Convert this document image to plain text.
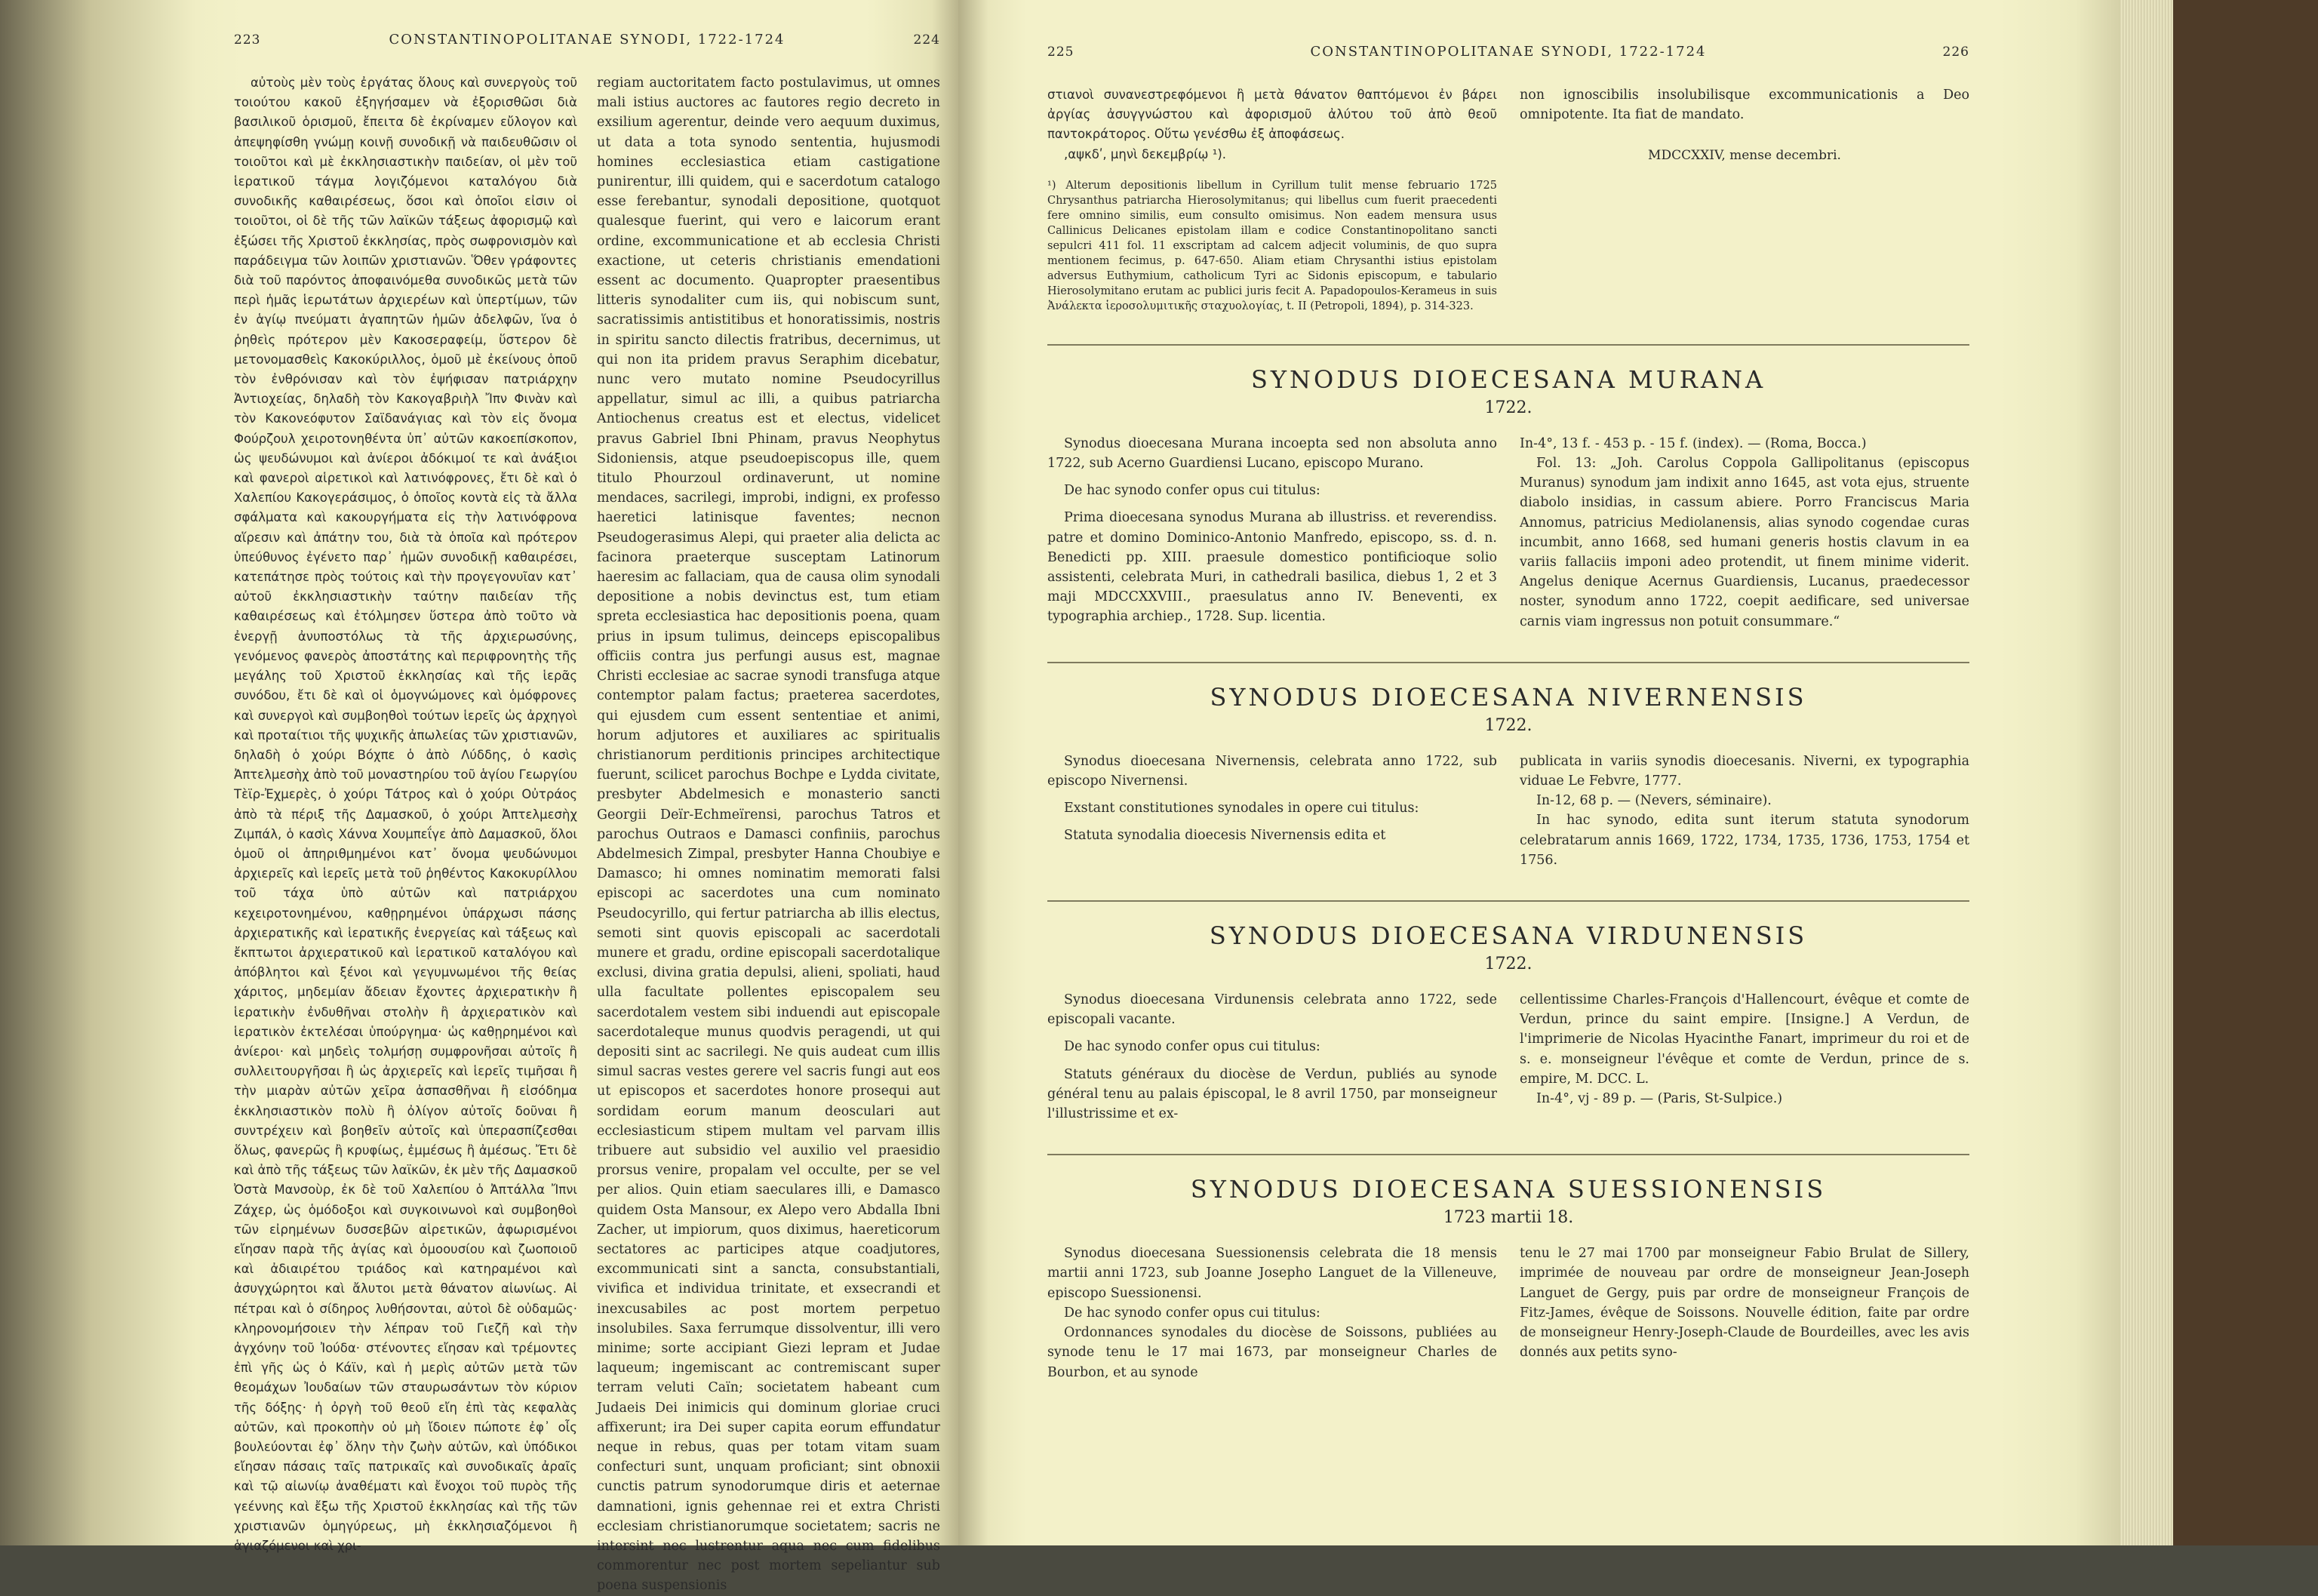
223	CONSTANTINOPOLITANAE SYNODI, 1722-1724	224

αὐτοὺς μὲν τοὺς ἐργάτας ὅλους καὶ συνεργοὺς τοῦ τοιούτου κακοῦ ἐξηγήσαμεν νὰ ἐξορισθῶσι διὰ βασιλικοῦ ὁρισμοῦ, ἔπειτα δὲ ἐκρίναμεν εὔλογον καὶ ἀπεψηφίσθη γνώμῃ κοινῇ συνοδικῇ νὰ παιδευθῶσιν οἱ τοιοῦτοι καὶ μὲ ἐκκλησιαστικὴν παιδείαν, οἱ μὲν τοῦ ἱερατικοῦ τάγμα λογιζόμενοι καταλόγου διὰ συνοδικῆς καθαιρέσεως, ὅσοι καὶ ὁποῖοι εἰσιν οἱ τοιοῦτοι, οἱ δὲ τῆς τῶν λαϊκῶν τάξεως ἀφορισμῷ καὶ ἐξώσει τῆς Χριστοῦ ἐκκλησίας, πρὸς σωφρονισμὸν καὶ παράδειγμα τῶν λοιπῶν χριστιανῶν. Ὅθεν γράφοντες διὰ τοῦ παρόντος ἀποφαινόμεθα συνοδικῶς μετὰ τῶν περὶ ἡμᾶς ἱερωτάτων ἀρχιερέων καὶ ὑπερτίμων, τῶν ἐν ἁγίῳ πνεύματι ἀγαπητῶν ἡμῶν ἀδελφῶν, ἵνα ὁ ῥηθεὶς πρότερον μὲν Κακοσεραφείμ, ὕστερον δὲ μετονομασθεὶς Κακοκύριλλος, ὁμοῦ μὲ ἐκείνους ὁποῦ τὸν ἐνθρόνισαν καὶ τὸν ἐψήφισαν πατριάρχην Ἀντιοχείας, δηλαδὴ τὸν Κακογαβριὴλ Ἴπν Φινὰν καὶ τὸν Κακονεόφυτον Σαϊδανάγιας καὶ τὸν εἰς ὄνομα Φούρζουλ χειροτονηθέντα ὑπ᾽ αὐτῶν κακοεπίσκοπον, ὡς ψευδώνυμοι καὶ ἀνίεροι ἀδόκιμοί τε καὶ ἀνάξιοι καὶ φανεροὶ αἱρετικοὶ καὶ λατινόφρονες, ἔτι δὲ καὶ ὁ Χαλεπίου Κακογεράσιμος, ὁ ὁποῖος κοντὰ εἰς τὰ ἄλλα σφάλματα καὶ κακουργήματα εἰς τὴν λατινόφρονα αἵρεσιν καὶ ἀπάτην του, διὰ τὰ ὁποῖα καὶ πρότερον ὑπεύθυνος ἐγένετο παρ᾽ ἡμῶν συνοδικῇ καθαιρέσει, κατεπάτησε πρὸς τούτοις καὶ τὴν προγεγονυῖαν κατ᾽ αὐτοῦ ἐκκλησιαστικὴν ταύτην παιδείαν τῆς καθαιρέσεως καὶ ἐτόλμησεν ὕστερα ἀπὸ τοῦτο νὰ ἐνεργῇ ἀνυποστόλως τὰ τῆς ἀρχιερωσύνης, γενόμενος φανερὸς ἀποστάτης καὶ περιφρονητὴς τῆς μεγάλης τοῦ Χριστοῦ ἐκκλησίας καὶ τῆς ἱερᾶς συνόδου, ἔτι δὲ καὶ οἱ ὁμογνώμονες καὶ ὁμόφρονες καὶ συνεργοὶ καὶ συμβοηθοὶ τούτων ἱερεῖς ὡς ἀρχηγοὶ καὶ προταίτιοι τῆς ψυχικῆς ἀπωλείας τῶν χριστιανῶν, δηλαδὴ ὁ χούρι Βόχπε ὁ ἀπὸ Λύδδης, ὁ κασὶς Ἀπτελμεσὴχ ἀπὸ τοῦ μοναστηρίου τοῦ ἁγίου Γεωργίου Τὲϊρ-Ἐχμερὲς, ὁ χούρι Τάτρος καὶ ὁ χούρι Οὐτράος ἀπὸ τὰ πέριξ τῆς Δαμασκοῦ, ὁ χούρι Ἀπτελμεσὴχ Ζιμπάλ, ὁ κασὶς Χάννα Χουμπεΐγε ἀπὸ Δαμασκοῦ, ὅλοι ὁμοῦ οἱ ἀπηριθμημένοι κατ᾽ ὄνομα ψευδώνυμοι ἀρχιερεῖς καὶ ἱερεῖς μετὰ τοῦ ῥηθέντος Κακοκυρίλλου τοῦ τάχα ὑπὸ αὐτῶν καὶ πατριάρχου κεχειροτονημένου, καθῃρημένοι ὑπάρχωσι πάσης ἀρχιερατικῆς καὶ ἱερατικῆς ἐνεργείας καὶ τάξεως καὶ ἔκπτωτοι ἀρχιερατικοῦ καὶ ἱερατικοῦ καταλόγου καὶ ἀπόβλητοι καὶ ξένοι καὶ γεγυμνωμένοι τῆς θείας χάριτος, μηδεμίαν ἄδειαν ἔχοντες ἀρχιερατικὴν ἢ ἱερατικὴν ἐνδυθῆναι στολὴν ἢ ἀρχιερατικὸν καὶ ἱερατικὸν ἐκτελέσαι ὑπούργημα· ὡς καθῃρημένοι καὶ ἀνίεροι· καὶ μηδεὶς τολμήσῃ συμφρονῆσαι αὐτοῖς ἢ συλλειτουργῆσαι ἢ ὡς ἀρχιερεῖς καὶ ἱερεῖς τιμῆσαι ἢ τὴν μιαρὰν αὐτῶν χεῖρα ἀσπασθῆναι ἢ εἰσόδημα ἐκκλησιαστικὸν πολὺ ἢ ὀλίγον αὐτοῖς δοῦναι ἢ συντρέχειν καὶ βοηθεῖν αὐτοῖς καὶ ὑπερασπίζεσθαι ὅλως, φανερῶς ἢ κρυφίως, ἐμμέσως ἢ ἀμέσως. Ἔτι δὲ καὶ ἀπὸ τῆς τάξεως τῶν λαϊκῶν, ἐκ μὲν τῆς Δαμασκοῦ Ὀστὰ Μανσοὺρ, ἐκ δὲ τοῦ Χαλεπίου ὁ Ἀπτάλλα Ἴπνι Ζάχερ, ὡς ὁμόδοξοι καὶ συγκοινωνοὶ καὶ συμβοηθοὶ τῶν εἰρημένων δυσσεβῶν αἱρετικῶν, ἀφωρισμένοι εἴησαν παρὰ τῆς ἁγίας καὶ ὁμοουσίου καὶ ζωοποιοῦ καὶ ἀδιαιρέτου τριάδος καὶ κατηραμένοι καὶ ἀσυγχώρητοι καὶ ἄλυτοι μετὰ θάνατον αἰωνίως. Αἱ πέτραι καὶ ὁ σίδηρος λυθήσονται, αὐτοὶ δὲ οὐδαμῶς· κληρονομήσοιεν τὴν λέπραν τοῦ Γιεζῆ καὶ τὴν ἀγχόνην τοῦ Ἰούδα· στένοντες εἴησαν καὶ τρέμοντες ἐπὶ γῆς ὡς ὁ Κάϊν, καὶ ἡ μερὶς αὐτῶν μετὰ τῶν θεομάχων Ἰουδαίων τῶν σταυρωσάντων τὸν κύριον τῆς δόξης· ἡ ὀργὴ τοῦ θεοῦ εἴη ἐπὶ τὰς κεφαλὰς αὐτῶν, καὶ προκοπὴν οὐ μὴ ἴδοιεν πώποτε ἐφ᾽ οἷς βουλεύονται ἐφ᾽ ὅλην τὴν ζωὴν αὐτῶν, καὶ ὑπόδικοι εἴησαν πάσαις ταῖς πατρικαῖς καὶ συνοδικαῖς ἀραῖς καὶ τῷ αἰωνίῳ ἀναθέματι καὶ ἔνοχοι τοῦ πυρὸς τῆς γεέννης καὶ ἔξω τῆς Χριστοῦ ἐκκλησίας καὶ τῆς τῶν χριστιανῶν ὁμηγύρεως, μὴ ἐκκλησιαζόμενοι ἢ ἁγιαζόμενοι καὶ χρι-

regiam auctoritatem facto postulavimus, ut omnes mali istius auctores ac fautores regio decreto in exsilium agerentur, deinde vero aequum duximus, ut data a tota synodo sententia, hujusmodi homines ecclesiastica etiam castigatione punirentur, illi quidem, qui e sacerdotum catalogo esse ferebantur, synodali depositione, quotquot qualesque fuerint, qui vero e laicorum erant ordine, excommunicatione et ab ecclesia Christi exactione, ut ceteris christianis emendationi essent ac documento. Quapropter praesentibus litteris synodaliter cum iis, qui nobiscum sunt, sacratissimis antistitibus et honoratissimis, nostris in spiritu sancto dilectis fratribus, decernimus, ut qui non ita pridem pravus Seraphim dicebatur, nunc vero mutato nomine Pseudocyrillus appellatur, simul ac illi, a quibus patriarcha Antiochenus creatus est et electus, videlicet pravus Gabriel Ibni Phinam, pravus Neophytus Sidoniensis, atque pseudoepiscopus ille, quem titulo Phourzoul ordinaverunt, ut nomine mendaces, sacrilegi, improbi, indigni, ex professo haeretici latinisque faventes; necnon Pseudogerasimus Alepi, qui praeter alia delicta ac facinora praeterque susceptam Latinorum haeresim ac fallaciam, qua de causa olim synodali depositione a nobis devinctus est, tum etiam spreta ecclesiastica hac depositionis poena, quam prius in ipsum tulimus, deinceps episcopalibus officiis contra jus perfungi ausus est, magnae Christi ecclesiae ac sacrae synodi transfuga atque contemptor palam factus; praeterea sacerdotes, qui ejusdem cum essent sententiae et animi, horum adjutores et auxiliares ac spiritualis christianorum perditionis principes architectique fuerunt, scilicet parochus Bochpe e Lydda civitate, presbyter Abdelmesich e monasterio sancti Georgii Deïr-Echmeïrensi, parochus Tatros et parochus Outraos e Damasci confiniis, parochus Abdelmesich Zimpal, presbyter Hanna Choubiye e Damasco; hi omnes nominatim memorati falsi episcopi ac sacerdotes una cum nominato Pseudocyrillo, qui fertur patriarcha ab illis electus, semoti sint quovis episcopali ac sacerdotali munere et gradu, ordine episcopali sacerdotalique exclusi, divina gratia depulsi, alieni, spoliati, haud ulla facultate pollentes episcopalem seu sacerdotalem vestem sibi induendi aut episcopale sacerdotaleque munus quodvis peragendi, ut qui depositi sint ac sacrilegi. Ne quis audeat cum illis simul sacras vestes gerere vel sacris fungi aut eos ut episcopos et sacerdotes honore prosequi aut sordidam eorum manum deosculari aut ecclesiasticum stipem multam vel parvam illis tribuere aut subsidio vel auxilio vel praesidio prorsus venire, propalam vel occulte, per se vel per alios. Quin etiam saeculares illi, e Damasco quidem Osta Mansour, ex Alepo vero Abdalla Ibni Zacher, ut impiorum, quos diximus, haereticorum sectatores ac participes atque coadjutores, excommunicati sint a sancta, consubstantiali, vivifica et individua trinitate, et exsecrandi et inexcusabiles ac post mortem perpetuo insolubiles. Saxa ferrumque dissolventur, illi vero minime; sorte accipiant Giezi lepram et Judae laqueum; ingemiscant ac contremiscant super terram veluti Caïn; societatem habeant cum Judaeis Dei inimicis qui dominum gloriae cruci affixerunt; ira Dei super capita eorum effundatur neque in rebus, quas per totam vitam suam confecturi sunt, unquam proficiant; sint obnoxii cunctis patrum synodorumque diris et aeternae damnationi, ignis gehennae rei et extra Christi ecclesiam christianorumque societatem; sacris ne intersint nec lustrentur aqua nec cum fidelibus commorentur nec post mortem sepeliantur sub poena suspensionis

225	CONSTANTINOPOLITANAE SYNODI, 1722-1724	226

στιανοὶ συνανεστρεφόμενοι ἢ μετὰ θάνατον θαπτόμενοι ἐν βάρει ἀργίας ἀσυγγνώστου καὶ ἀφορισμοῦ ἀλύτου τοῦ ἀπὸ θεοῦ παντοκράτορος. Οὕτω γενέσθω ἐξ ἀποφάσεως.

,αψκδʹ, μηνὶ δεκεμβρίῳ ¹).

¹) Alterum depositionis libellum in Cyrillum tulit mense februario 1725 Chrysanthus patriarcha Hierosolymitanus; qui libellus cum fuerit praecedenti fere omnino similis, eum consulto omisimus. Non eadem mensura usus Callinicus Delicanes epistolam illam e codice Constantinopolitano sancti sepulcri 411 fol. 11 exscriptam ad calcem adjecit voluminis, de quo supra mentionem fecimus, p. 647-650. Aliam etiam Chrysanthi istius epistolam adversus Euthymium, catholicum Tyri ac Sidonis episcopum, e tabulario Hierosolymitano erutam ac publici juris fecit A. Papadopoulos-Kerameus in suis Ἀνάλεκτα ἱεροσολυμιτικῆς σταχυολογίας, t. II (Petropoli, 1894), p. 314-323.

non ignoscibilis insolubilisque excommunicationis a Deo omnipotente. Ita fiat de mandato.

MDCCXXIV, mense decembri.
SYNODUS DIOECESANA MURANA
1722.

Synodus dioecesana Murana incoepta sed non absoluta anno 1722, sub Acerno Guardiensi Lucano, episcopo Murano.

De hac synodo confer opus cui titulus:

Prima dioecesana synodus Murana ab illustriss. et reverendiss. patre et domino Dominico-Antonio Manfredo, episcopo, ss. d. n. Benedicti pp. XIII. praesule domestico pontificioque solio assistenti, celebrata Muri, in cathedrali basilica, diebus 1, 2 et 3 maji MDCCXXVIII., praesulatus anno IV. Beneventi, ex typographia archiep., 1728. Sup. licentia.

In-4°, 13 f. - 453 p. - 15 f. (index). — (Roma, Bocca.)

Fol. 13: „Joh. Carolus Coppola Gallipolitanus (episcopus Muranus) synodum jam indixit anno 1645, ast vota ejus, struente diabolo insidias, in cassum abiere. Porro Franciscus Maria Annomus, patricius Mediolanensis, alias synodo cogendae curas incumbit, anno 1668, sed humani generis hostis clavum in ea variis fallaciis imponi adeo protendit, ut finem minime viderit. Angelus denique Acernus Guardiensis, Lucanus, praedecessor noster, synodum anno 1722, coepit aedificare, sed universae carnis viam ingressus non potuit consummare.“

SYNODUS DIOECESANA NIVERNENSIS
1722.

Synodus dioecesana Nivernensis, celebrata anno 1722, sub episcopo Nivernensi.

Exstant constitutiones synodales in opere cui titulus:

Statuta synodalia dioecesis Nivernensis edita et

publicata in variis synodis dioecesanis. Niverni, ex typographia viduae Le Febvre, 1777.

In-12, 68 p. — (Nevers, séminaire).

In hac synodo, edita sunt iterum statuta synodorum celebratarum annis 1669, 1722, 1734, 1735, 1736, 1753, 1754 et 1756.

SYNODUS DIOECESANA VIRDUNENSIS
1722.

Synodus dioecesana Virdunensis celebrata anno 1722, sede episcopali vacante.

De hac synodo confer opus cui titulus:

Statuts généraux du diocèse de Verdun, publiés au synode général tenu au palais épiscopal, le 8 avril 1750, par monseigneur l'illustrissime et ex-

cellentissime Charles-François d'Hallencourt, évêque et comte de Verdun, prince du saint empire. [Insigne.] A Verdun, de l'imprimerie de Nicolas Hyacinthe Fanart, imprimeur du roi et de s. e. monseigneur l'évêque et comte de Verdun, prince de s. empire, M. DCC. L.

In-4°, vj - 89 p. — (Paris, St-Sulpice.)

SYNODUS DIOECESANA SUESSIONENSIS
1723 martii 18.

Synodus dioecesana Suessionensis celebrata die 18 mensis martii anni 1723, sub Joanne Josepho Languet de la Villeneuve, episcopo Suessionensi.

De hac synodo confer opus cui titulus:

Ordonnances synodales du diocèse de Soissons, publiées au synode tenu le 17 mai 1673, par monseigneur Charles de Bourbon, et au synode

tenu le 27 mai 1700 par monseigneur Fabio Brulat de Sillery, imprimée de nouveau par ordre de monseigneur Jean-Joseph Languet de Gergy, puis par ordre de monseigneur François de Fitz-James, évêque de Soissons. Nouvelle édition, faite par ordre de monseigneur Henry-Joseph-Claude de Bourdeilles, avec les avis donnés aux petits syno-
